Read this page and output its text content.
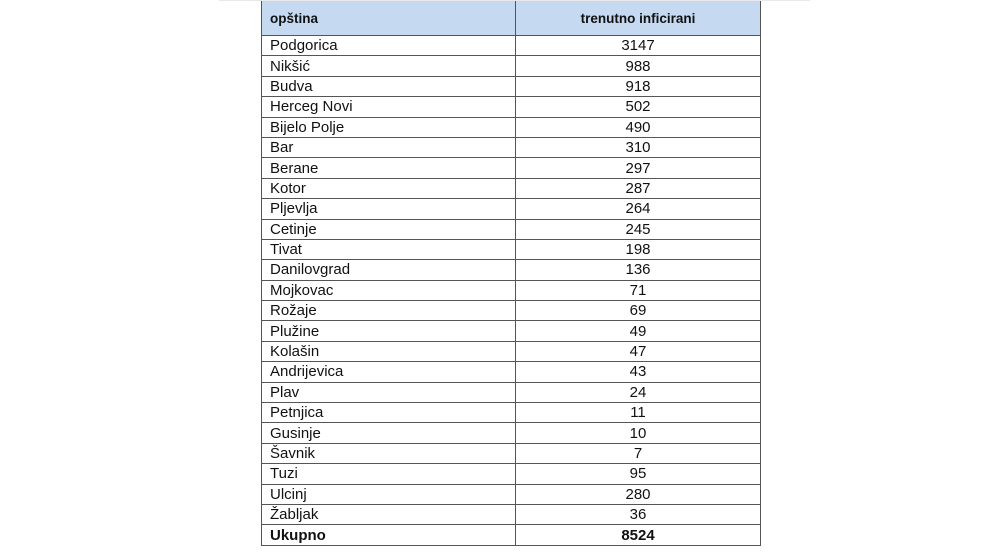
opština	trenutno inficirani
Podgorica	3147
Nikšić	988
Budva	918
Herceg Novi	502
Bijelo Polje	490
Bar	310
Berane	297
Kotor	287
Pljevlja	264
Cetinje	245
Tivat	198
Danilovgrad	136
Mojkovac	71
Rožaje	69
Plužine	49
Kolašin	47
Andrijevica	43
Plav	24
Petnjica	11
Gusinje	10
Šavnik	7
Tuzi	95
Ulcinj	280
Žabljak	36
Ukupno	8524
